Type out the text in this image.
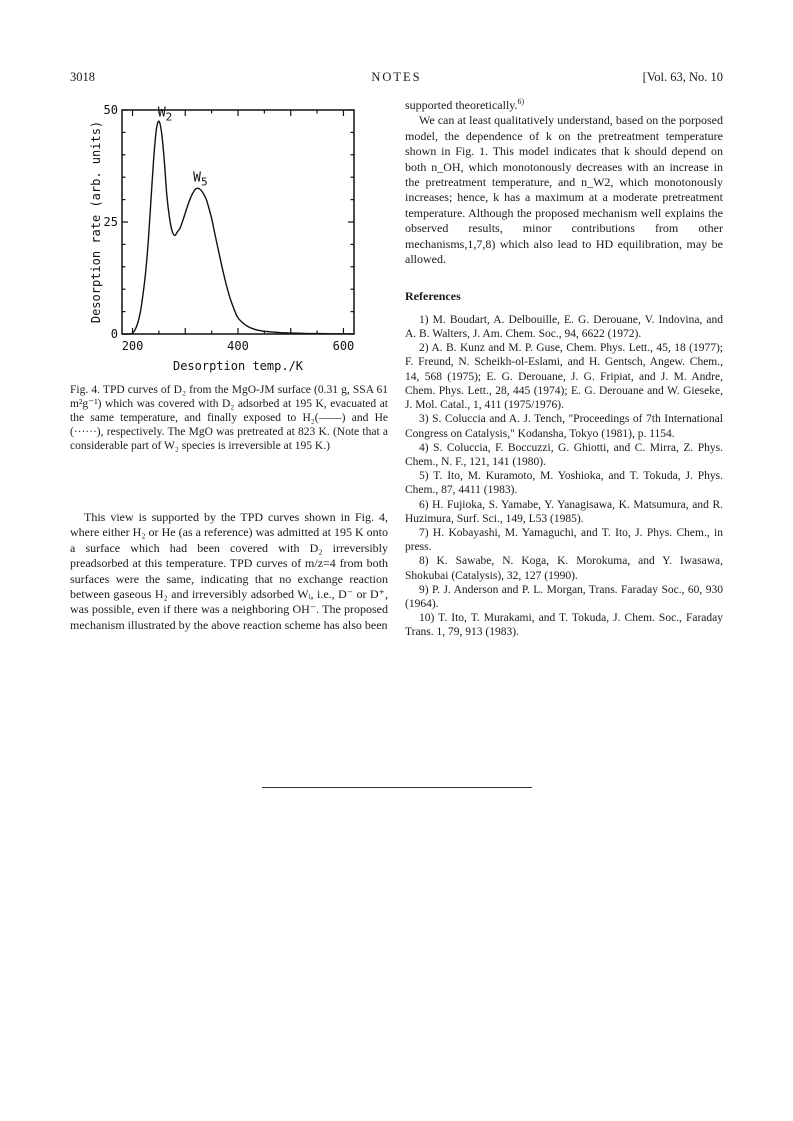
3018	NOTES	[Vol. 63, No. 10
200	400	600
0
25
50	$W_2$
$W_5$
Desorption temp./K
Desorption rate (arb. units)
Fig. 4. TPD curves of D₂ from the MgO-JM surface (0.31 g, SSA 61 m²g⁻¹) which was covered with D₂ adsorbed at 195 K, evacuated at the same temperature, and finally exposed to H₂(——) and He (······), respectively. The MgO was pretreated at 823 K. (Note that a considerable part of W₂ species is irreversible at 195 K.)

This view is supported by the TPD curves shown in Fig. 4, where either H₂ or He (as a reference) was admitted at 195 K onto a surface which had been covered with D₂ irreversibly preadsorbed at this temperature. TPD curves of m/z=4 from both surfaces were the same, indicating that no exchange reaction between gaseous H₂ and irreversibly adsorbed Wᵢ, i.e., D⁻ or D⁺, was possible, even if there was a neighboring OH⁻. The proposed mechanism illustrated by the above reaction scheme has also been

supported theoretically.$^{6)}$

We can at least qualitatively understand, based on the porposed model, the dependence of k on the pretreatment temperature shown in Fig. 1. This model indicates that k should depend on both n_OH, which monotonously decreases with an increase in the pretreatment temperature, and n_W2, which monotonously increases; hence, k has a maximum at a moderate pretreatment temperature. Although the proposed mechanism well explains the observed results, minor contributions from other mechanisms,1,7,8) which also lead to HD equilibration, may be allowed.

References

1) M. Boudart, A. Delbouille, E. G. Derouane, V. Indovina, and A. B. Walters, J. Am. Chem. Soc., 94, 6622 (1972).

2) A. B. Kunz and M. P. Guse, Chem. Phys. Lett., 45, 18 (1977); F. Freund, N. Scheikh-ol-Eslami, and H. Gentsch, Angew. Chem., 14, 568 (1975); E. G. Derouane, J. G. Fripiat, and J. M. Andre, Chem. Phys. Lett., 28, 445 (1974); E. G. Derouane and W. Gieseke, J. Mol. Catal., 1, 411 (1975/1976).

3) S. Coluccia and A. J. Tench, "Proceedings of 7th International Congress on Catalysis," Kodansha, Tokyo (1981), p. 1154.

4) S. Coluccia, F. Boccuzzi, G. Ghiotti, and C. Mirra, Z. Phys. Chem., N. F., 121, 141 (1980).

5) T. Ito, M. Kuramoto, M. Yoshioka, and T. Tokuda, J. Phys. Chem., 87, 4411 (1983).

6) H. Fujioka, S. Yamabe, Y. Yanagisawa, K. Matsumura, and R. Huzimura, Surf. Sci., 149, L53 (1985).

7) H. Kobayashi, M. Yamaguchi, and T. Ito, J. Phys. Chem., in press.

8) K. Sawabe, N. Koga, K. Morokuma, and Y. Iwasawa, Shokubai (Catalysis), 32, 127 (1990).

9) P. J. Anderson and P. L. Morgan, Trans. Faraday Soc., 60, 930 (1964).

10) T. Ito, T. Murakami, and T. Tokuda, J. Chem. Soc., Faraday Trans. 1, 79, 913 (1983).
